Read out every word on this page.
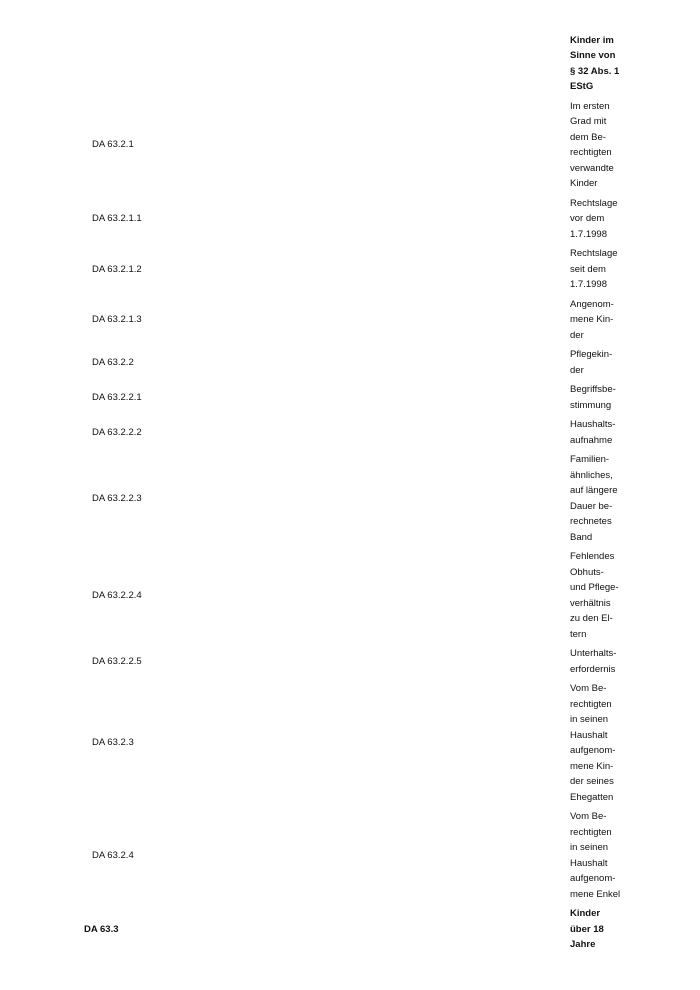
Kinder im
Sinne von
§ 32 Abs. 1
EStG
Im ersten
Grad mit
dem Be-
rechtigten
verwandte
Kinder
DA 63.2.1
Rechtslage
vor dem
1.7.1998
DA 63.2.1.1
Rechtslage
seit dem
1.7.1998
DA 63.2.1.2
Angenom-
mene Kin-
der
DA 63.2.1.3
Pflegekin-
der
DA 63.2.2
Begriffsbe-
stimmung
DA 63.2.2.1
Haushalts-
aufnahme
DA 63.2.2.2
Familien-
ähnliches,
auf längere
Dauer be-
rechnetes
Band
DA 63.2.2.3
Fehlendes
Obhuts-
und Pflege-
verhältnis
zu den El-
tern
DA 63.2.2.4
Unterhalts-
erfordernis
DA 63.2.2.5
Vom Be-
rechtigten
in seinen
Haushalt
aufgenom-
mene Kin-
der seines
Ehegatten
DA 63.2.3
Vom Be-
rechtigten
in seinen
Haushalt
aufgenom-
mene Enkel
DA 63.2.4
Kinder
über 18
Jahre
DA 63.3
